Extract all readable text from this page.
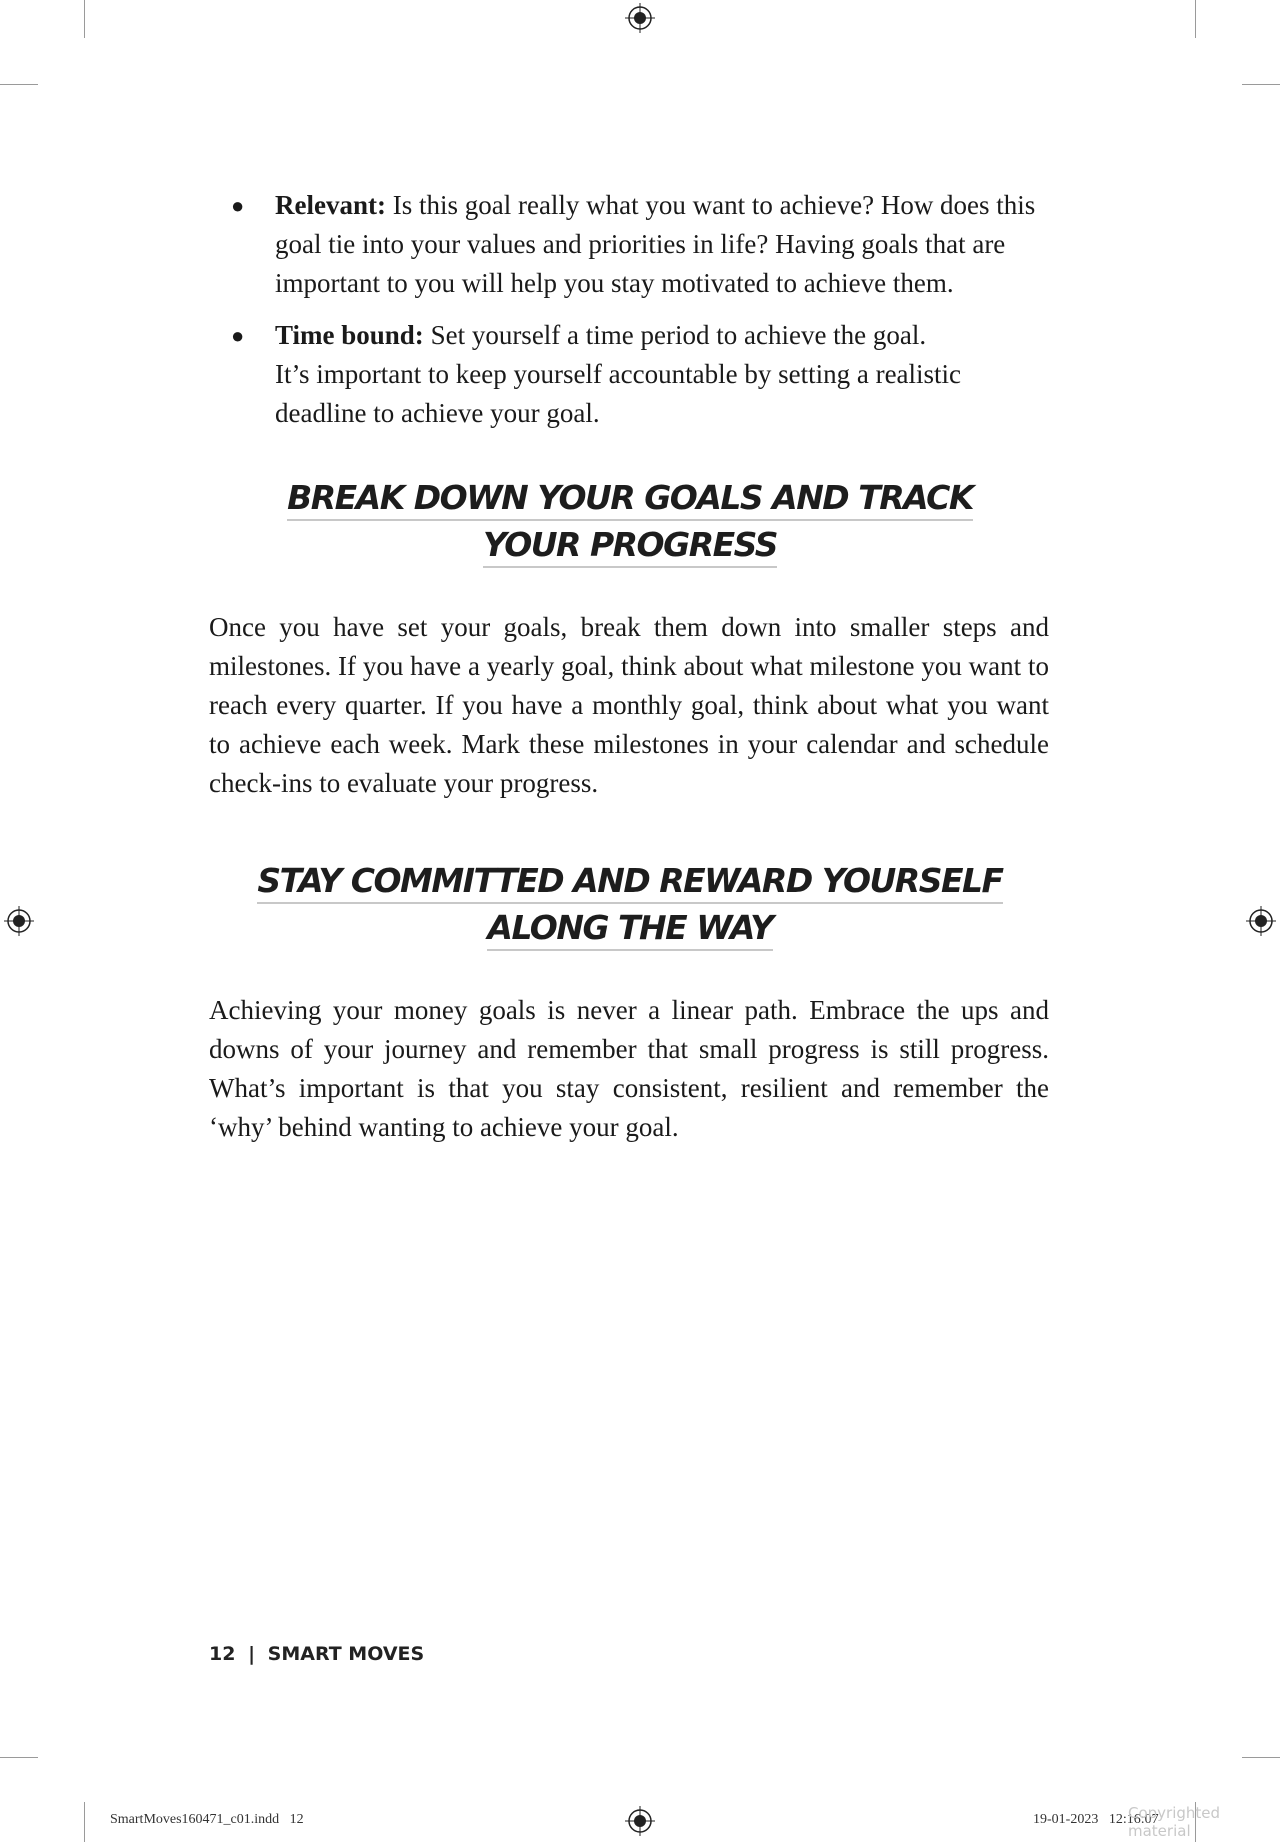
● Relevant: Is this goal really what you want to achieve? How does this goal tie into your values and priorities in life? Having goals that are important to you will help you stay motivated to achieve them.
● Time bound: Set yourself a time period to achieve the goal.
It’s important to keep yourself accountable by setting a realistic deadline to achieve your goal.
BREAK DOWN YOUR GOALS AND TRACK
YOUR PROGRESS

Once you have set your goals, break them down into smaller steps and milestones. If you have a yearly goal, think about what milestone you want to reach every quarter. If you have a monthly goal, think about what you want to achieve each week. Mark these milestones in your calendar and schedule check-ins to evaluate your progress.

STAY COMMITTED AND REWARD YOURSELF
ALONG THE WAY

Achieving your money goals is never a linear path. Embrace the ups and downs of your journey and remember that small progress is still progress. What’s important is that you stay consistent, resilient and remember the ‘why’ behind wanting to achieve your goal.

12 | SMART MOVES
SmartMoves160471_c01.indd   12	19-01-2023   12:16:07
Copyrighted material
